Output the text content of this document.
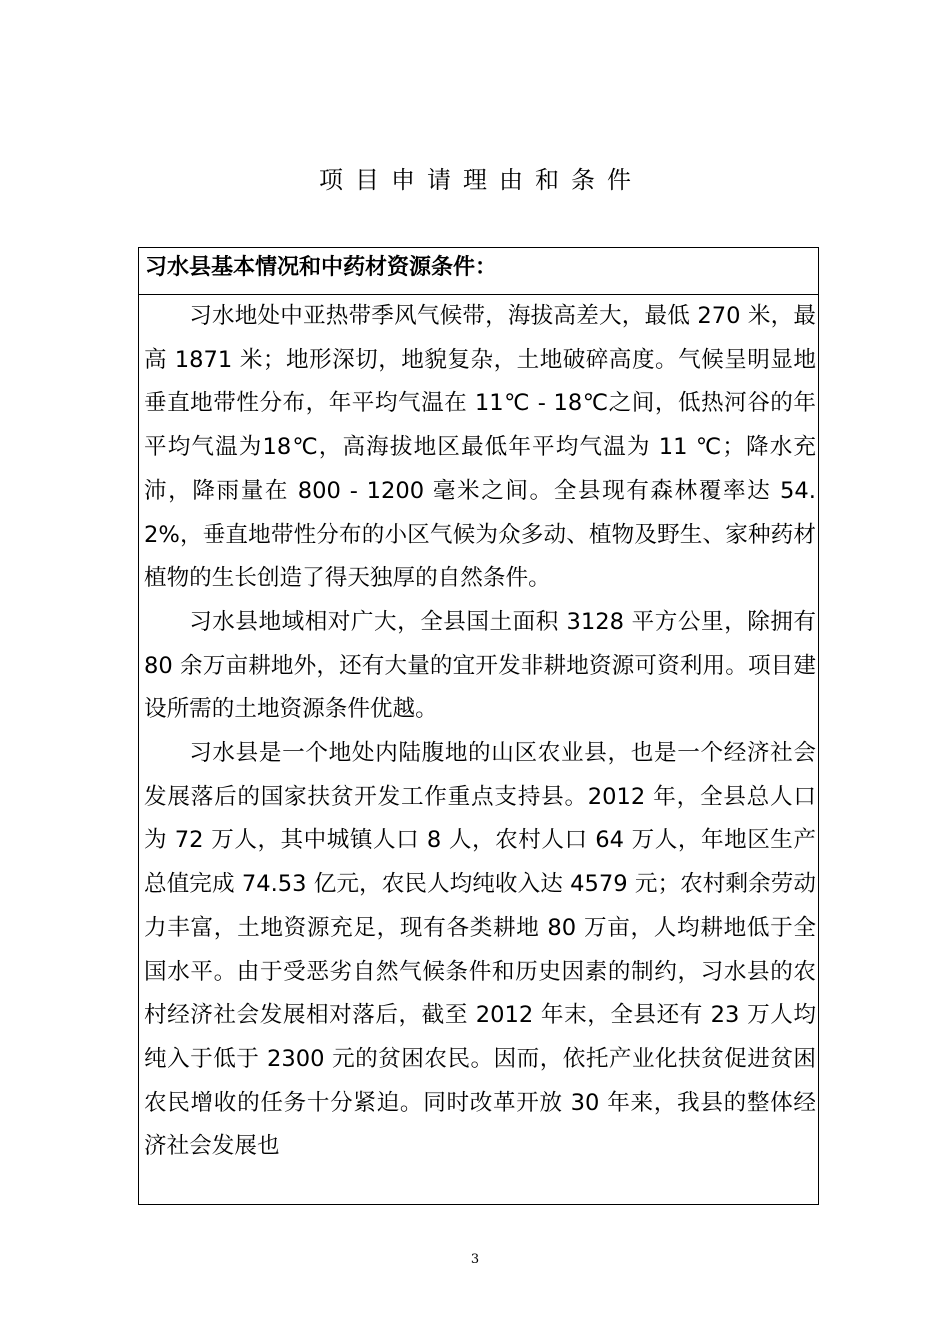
项目申请理由和条件
习水县基本情况和中药材资源条件：

习水地处中亚热带季风气候带，海拔高差大，最低 270 米，最高 1871 米；地形深切，地貌复杂，土地破碎高度。气候呈明显地垂直地带性分布，年平均气温在 11℃ - 18℃之间，低热河谷的年平均气温为18℃，高海拔地区最低年平均气温为 11 ℃；降水充沛，降雨量在 800 - 1200 毫米之间。全县现有森林覆率达 54.2%，垂直地带性分布的小区气候为众多动、植物及野生、家种药材植物的生长创造了得天独厚的自然条件。

习水县地域相对广大，全县国土面积 3128 平方公里，除拥有 80 余万亩耕地外，还有大量的宜开发非耕地资源可资利用。项目建设所需的土地资源条件优越。

习水县是一个地处内陆腹地的山区农业县，也是一个经济社会发展落后的国家扶贫开发工作重点支持县。2012 年，全县总人口为 72 万人，其中城镇人口 8 人，农村人口 64 万人，年地区生产总值完成 74.53 亿元，农民人均纯收入达 4579 元；农村剩余劳动力丰富，土地资源充足，现有各类耕地 80 万亩，人均耕地低于全国水平。由于受恶劣自然气候条件和历史因素的制约，习水县的农村经济社会发展相对落后，截至 2012 年末，全县还有 23 万人均纯入于低于 2300 元的贫困农民。因而，依托产业化扶贫促进贫困农民增收的任务十分紧迫。同时改革开放 30 年来，我县的整体经济社会发展也

3
